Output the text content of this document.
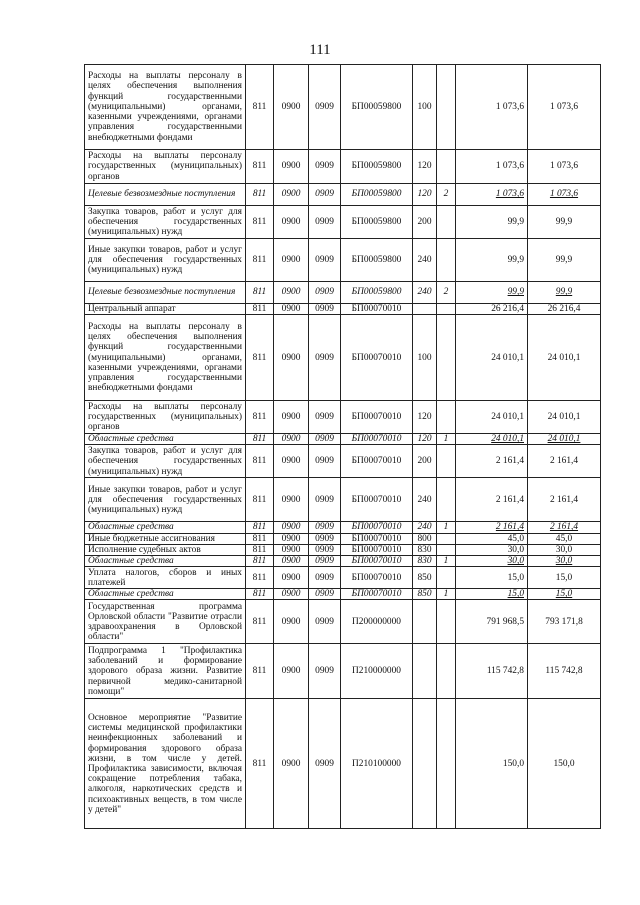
111
Расходы на выплаты персоналу в целях обеспечения выполнения функций государственными (муниципальными) органами, казенными учреждениями, органами управления государственными внебюджетными фондами	811	0900	0909	БП00059800	100		1 073,6	1 073,6
Расходы на выплаты персоналу государственных (муниципальных) органов	811	0900	0909	БП00059800	120		1 073,6	1 073,6
Целевые безвозмездные поступления	811	0900	0909	БП00059800	120	2	1 073,6	1 073,6
Закупка товаров, работ и услуг для обеспечения государственных (муниципальных) нужд	811	0900	0909	БП00059800	200		99,9	99,9
Иные закупки товаров, работ и услуг для обеспечения государственных (муниципальных) нужд	811	0900	0909	БП00059800	240		99,9	99,9
Целевые безвозмездные поступления	811	0900	0909	БП00059800	240	2	99,9	99,9
Центральный аппарат	811	0900	0909	БП00070010			26 216,4	26 216,4
Расходы на выплаты персоналу в целях обеспечения выполнения функций государственными (муниципальными) органами, казенными учреждениями, органами управления государственными внебюджетными фондами	811	0900	0909	БП00070010	100		24 010,1	24 010,1
Расходы на выплаты персоналу государственных (муниципальных) органов	811	0900	0909	БП00070010	120		24 010,1	24 010,1
Областные средства	811	0900	0909	БП00070010	120	1	24 010,1	24 010,1
Закупка товаров, работ и услуг для обеспечения государственных (муниципальных) нужд	811	0900	0909	БП00070010	200		2 161,4	2 161,4
Иные закупки товаров, работ и услуг для обеспечения государственных (муниципальных) нужд	811	0900	0909	БП00070010	240		2 161,4	2 161,4
Областные средства	811	0900	0909	БП00070010	240	1	2 161,4	2 161,4
Иные бюджетные ассигнования	811	0900	0909	БП00070010	800		45,0	45,0
Исполнение судебных актов	811	0900	0909	БП00070010	830		30,0	30,0
Областные средства	811	0900	0909	БП00070010	830	1	30,0	30,0
Уплата налогов, сборов и иных платежей	811	0900	0909	БП00070010	850		15,0	15,0
Областные средства	811	0900	0909	БП00070010	850	1	15,0	15,0
Государственная программа Орловской области "Развитие отрасли здравоохранения в Орловской области"	811	0900	0909	П200000000			791 968,5	793 171,8
Подпрограмма 1 "Профилактика заболеваний и формирование здорового образа жизни. Развитие первичной медико-санитарной помощи"	811	0900	0909	П210000000			115 742,8	115 742,8
Основное мероприятие "Развитие системы медицинской профилактики неинфекционных заболеваний и формирования здорового образа жизни, в том числе у детей. Профилактика зависимости, включая сокращение потребления табака, алкоголя, наркотических средств и психоактивных веществ, в том числе у детей"	811	0900	0909	П210100000			150,0	150,0
